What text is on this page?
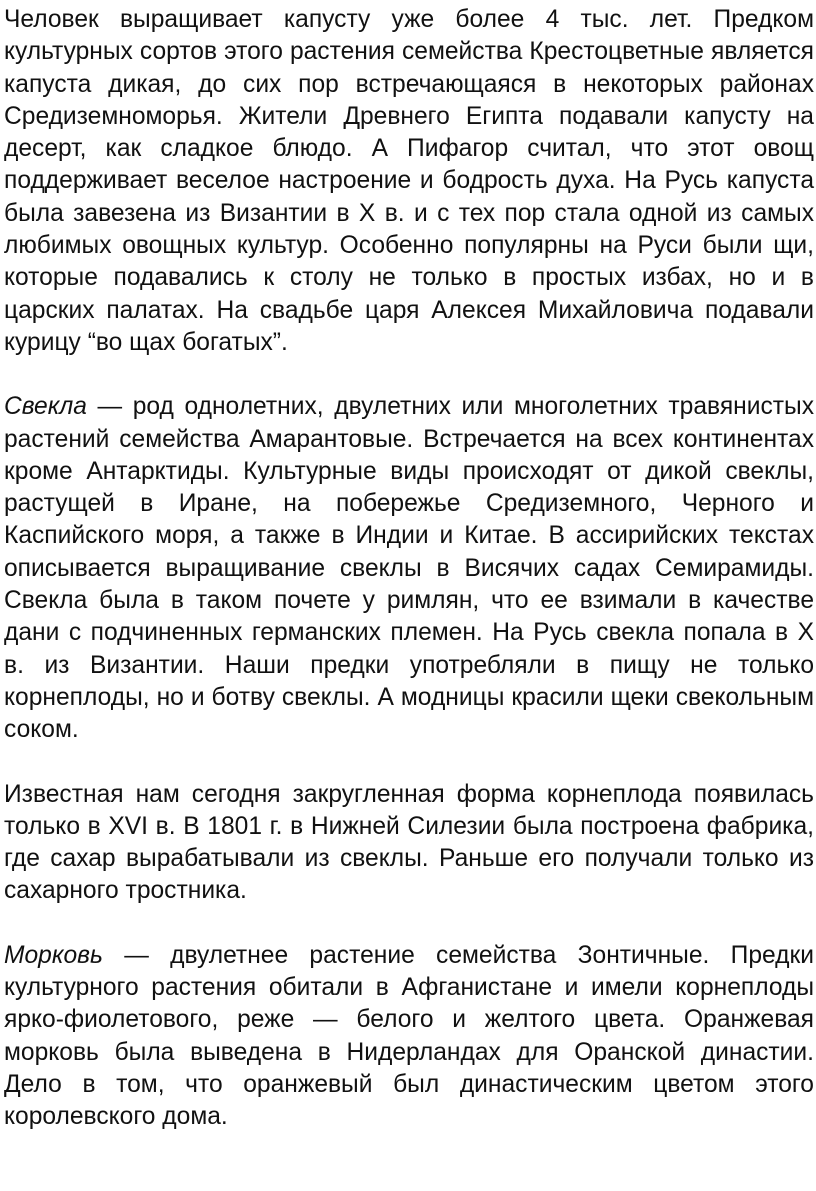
Человек выращивает капусту уже более 4 тыс. лет. Предком культурных сортов этого растения семейства Крестоцветные является капуста дикая, до сих пор встречающаяся в некоторых районах Средиземноморья. Жители Древнего Египта подавали капусту на десерт, как сладкое блюдо. А Пифагор считал, что этот овощ поддерживает веселое настроение и бодрость духа. На Русь капуста была завезена из Византии в X в. и с тех пор стала одной из самых любимых овощных культур. Особенно популярны на Руси были щи, которые подавались к столу не только в простых избах, но и в царских палатах. На свадьбе царя Алексея Михайловича подавали курицу “во щах богатых”.

Свекла — род однолетних, двулетних или многолетних травянистых растений семейства Амарантовые. Встречается на всех континентах кроме Антарктиды. Культурные виды происходят от дикой свеклы, растущей в Иране, на побережье Средиземного, Черного и Каспийского моря, а также в Индии и Китае. В ассирийских текстах описывается выращивание свеклы в Висячих садах Семирамиды. Свекла была в таком почете у римлян, что ее взимали в качестве дани с подчиненных германских племен. На Русь свекла попала в X в. из Византии. Наши предки употребляли в пищу не только корнеплоды, но и ботву свеклы. А модницы красили щеки свекольным соком.

Известная нам сегодня закругленная форма корнеплода появилась только в XVI в. В 1801 г. в Нижней Силезии была построена фабрика, где сахар вырабатывали из свеклы. Раньше его получали только из сахарного тростника.

Морковь — двулетнее растение семейства Зонтичные. Предки культурного растения обитали в Афганистане и имели корнеплоды ярко-фиолетового, реже — белого и желтого цвета. Оранжевая морковь была выведена в Нидерландах для Оранской династии. Дело в том, что оранжевый был династическим цветом этого королевского дома.
